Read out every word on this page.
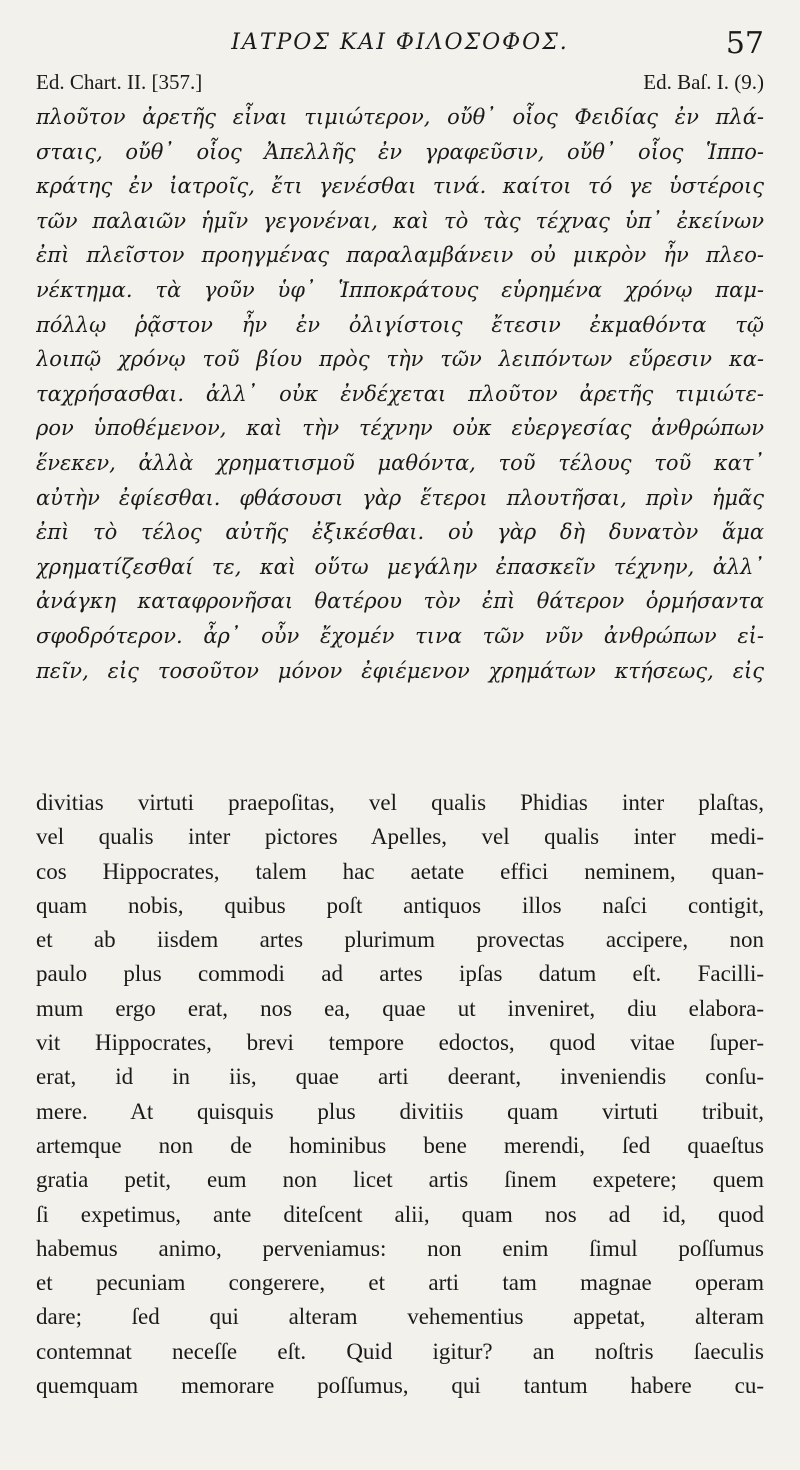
ΙΑΤΡΟΣ ΚΑΙ ΦΙΛΟΣΟΦΟΣ.	57
Ed. Chart. II. [357.]	Ed. Baſ. I. (9.)
πλοῦτον ἀρετῆς εἶναι τιμιώτερον, οὔθ᾽ οἷος Φειδίας ἐν πλά-
σταις, οὔθ᾽ οἷος Ἀπελλῆς ἐν γραφεῦσιν, οὔθ᾽ οἷος Ἱππο-
κράτης ἐν ἰατροῖς, ἔτι γενέσθαι τινά. καίτοι τό γε ὑστέροις
τῶν παλαιῶν ἡμῖν γεγονέναι, καὶ τὸ τὰς τέχνας ὑπ᾽ ἐκείνων
ἐπὶ πλεῖστον προηγμένας παραλαμβάνειν οὐ μικρὸν ἦν πλεο-
νέκτημα. τὰ γοῦν ὑφ᾽ Ἱπποκράτους εὑρημένα χρόνῳ παμ-
πόλλῳ ῥᾷστον ἦν ἐν ὀλιγίστοις ἔτεσιν ἐκμαθόντα τῷ
λοιπῷ χρόνῳ τοῦ βίου πρὸς τὴν τῶν λειπόντων εὕρεσιν κα-
ταχρήσασθαι. ἀλλ᾽ οὐκ ἐνδέχεται πλοῦτον ἀρετῆς τιμιώτε-
ρον ὑποθέμενον, καὶ τὴν τέχνην οὐκ εὐεργεσίας ἀνθρώπων
ἕνεκεν, ἀλλὰ χρηματισμοῦ μαθόντα, τοῦ τέλους τοῦ κατ᾽
αὐτὴν ἐφίεσθαι. φθάσουσι γὰρ ἕτεροι πλουτῆσαι, πρὶν ἡμᾶς
ἐπὶ τὸ τέλος αὐτῆς ἐξικέσθαι. οὐ γὰρ δὴ δυνατὸν ἅμα
χρηματίζεσθαί τε, καὶ οὕτω μεγάλην ἐπασκεῖν τέχνην, ἀλλ᾽
ἀνάγκη καταφρονῆσαι θατέρου τὸν ἐπὶ θάτερον ὁρμήσαντα
σφοδρότερον. ἆρ᾽ οὖν ἔχομέν τινα τῶν νῦν ἀνθρώπων εἰ-
πεῖν, εἰς τοσοῦτον μόνον ἐφιέμενον χρημάτων κτήσεως, εἰς
divitias virtuti praepoſitas, vel qualis Phidias inter plaſtas,
vel qualis inter pictores Apelles, vel qualis inter medi-
cos Hippocrates, talem hac aetate effici neminem, quan-
quam nobis, quibus poſt antiquos illos naſci contigit,
et ab iisdem artes plurimum provectas accipere, non
paulo plus commodi ad artes ipſas datum eſt. Facilli-
mum ergo erat, nos ea, quae ut inveniret, diu elabora-
vit Hippocrates, brevi tempore edoctos, quod vitae ſuper-
erat, id in iis, quae arti deerant, inveniendis conſu-
mere. At quisquis plus divitiis quam virtuti tribuit,
artemque non de hominibus bene merendi, ſed quaeſtus
gratia petit, eum non licet artis ſinem expetere; quem
ſi expetimus, ante diteſcent alii, quam nos ad id, quod
habemus animo, perveniamus: non enim ſimul poſſumus
et pecuniam congerere, et arti tam magnae operam
dare; ſed qui alteram vehementius appetat, alteram
contemnat neceſſe eſt. Quid igitur? an noſtris ſaeculis
quemquam memorare poſſumus, qui tantum habere cu-
